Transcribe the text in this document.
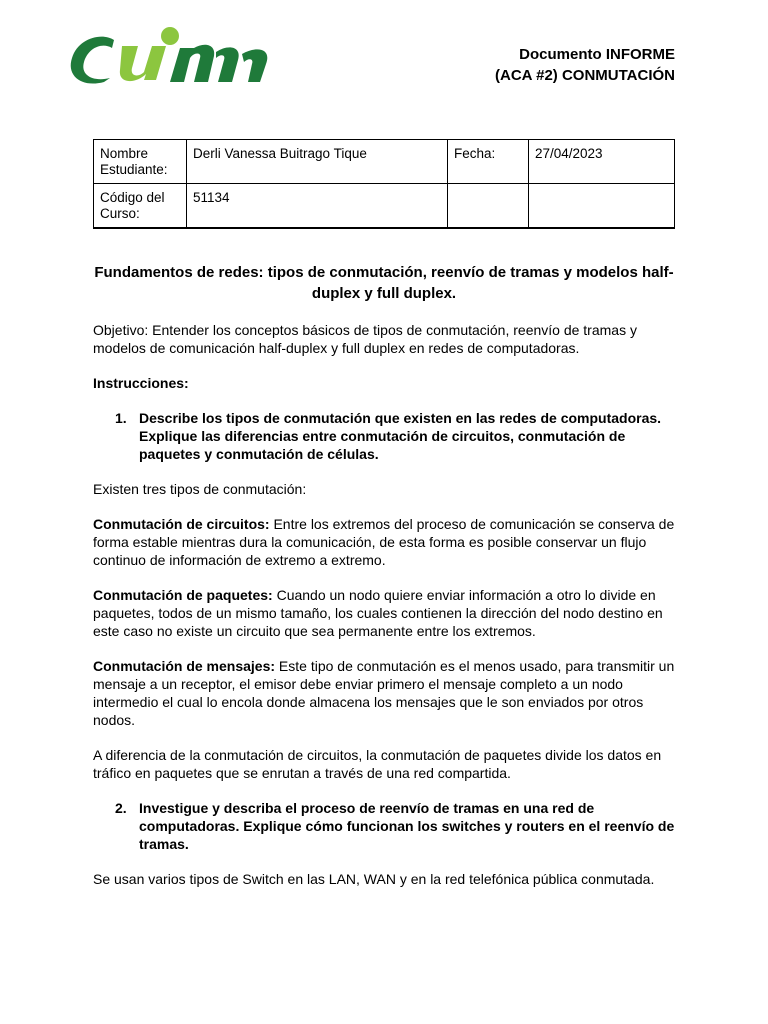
cun
Documento INFORME
(ACA #2) CONMUTACIÓN
Nombre Estudiante:	Derli Vanessa Buitrago Tique	Fecha:	27/04/2023
Código del Curso:	51134		
Fundamentos de redes: tipos de conmutación, reenvío de tramas y modelos half-duplex y full duplex.

Objetivo: Entender los conceptos básicos de tipos de conmutación, reenvío de tramas y modelos de comunicación half-duplex y full duplex en redes de computadoras.

Instrucciones:

1. Describe los tipos de conmutación que existen en las redes de computadoras. Explique las diferencias entre conmutación de circuitos, conmutación de paquetes y conmutación de células.

Existen tres tipos de conmutación:

Conmutación de circuitos: Entre los extremos del proceso de comunicación se conserva de forma estable mientras dura la comunicación, de esta forma es posible conservar un flujo continuo de información de extremo a extremo.

Conmutación de paquetes: Cuando un nodo quiere enviar información a otro lo divide en paquetes, todos de un mismo tamaño, los cuales contienen la dirección del nodo destino en este caso no existe un circuito que sea permanente entre los extremos.

Conmutación de mensajes: Este tipo de conmutación es el menos usado, para transmitir un mensaje a un receptor, el emisor debe enviar primero el mensaje completo a un nodo intermedio el cual lo encola donde almacena los mensajes que le son enviados por otros nodos.

A diferencia de la conmutación de circuitos, la conmutación de paquetes divide los datos en tráfico en paquetes que se enrutan a través de una red compartida.

2. Investigue y describa el proceso de reenvío de tramas en una red de computadoras. Explique cómo funcionan los switches y routers en el reenvío de tramas.

Se usan varios tipos de Switch en las LAN, WAN y en la red telefónica pública conmutada.
